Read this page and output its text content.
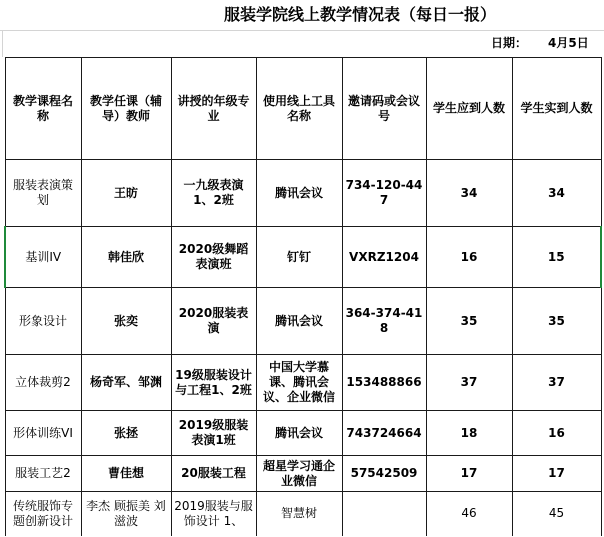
服装学院线上教学情况表（每日一报）
日期： 4月5日
教学课程名称	教学任课（辅导）教师	讲授的年级专业	使用线上工具名称	邀请码或会议号	学生应到人数	学生实到人数
服装表演策划	王昉	一九级表演1、2班	腾讯会议	734-120-447	34	34
基训IV	韩佳欣	2020级舞蹈表演班	钉钉	VXRZ1204	16	15
形象设计	张奕	2020服装表演	腾讯会议	364-374-418	35	35
立体裁剪2	杨奇军、邹渊	19级服装设计与工程1、2班	中国大学慕课、腾讯会议、企业微信	153488866	37	37
形体训练VI	张拯	2019级服装表演1班	腾讯会议	743724664	18	16
服装工艺2	曹佳想	20服装工程	超星学习通企业微信	57542509	17	17
传统服饰专题创新设计	李杰 顾振美 刘滋波	2019服装与服饰设计 1、	智慧树		46	45
